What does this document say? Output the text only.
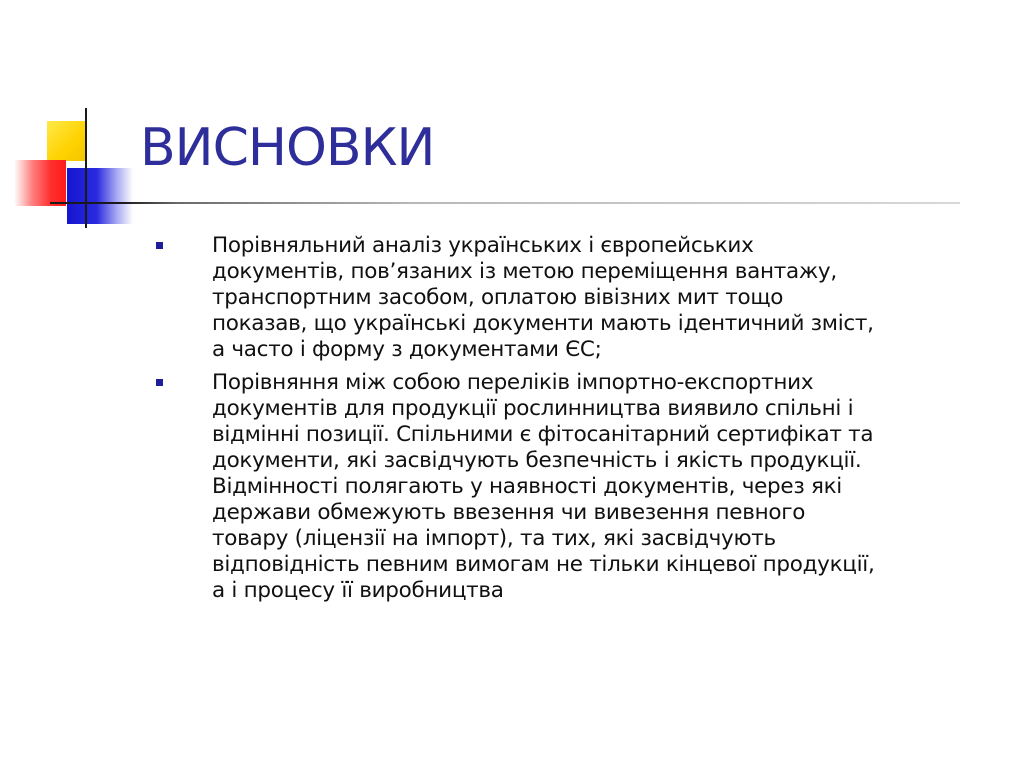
ВИСНОВКИ
Порівняльний аналіз українських і європейських
документів, пов’язаних із метою переміщення вантажу,
транспортним засобом, оплатою вівізних мит тощо
показав, що українські документи мають ідентичний зміст,
а часто і форму з документами ЄС;
Порівняння між собою переліків імпортно-експортних
документів для продукції рослинництва виявило спільні і
відмінні позиції. Спільними є фітосанітарний сертифікат та
документи, які засвідчують безпечність і якість продукції.
Відмінності полягають у наявності документів, через які
держави обмежують ввезення чи вивезення певного
товару (ліцензії на імпорт), та тих, які засвідчують
відповідність певним вимогам не тільки кінцевої продукції,
а і процесу її виробництва
